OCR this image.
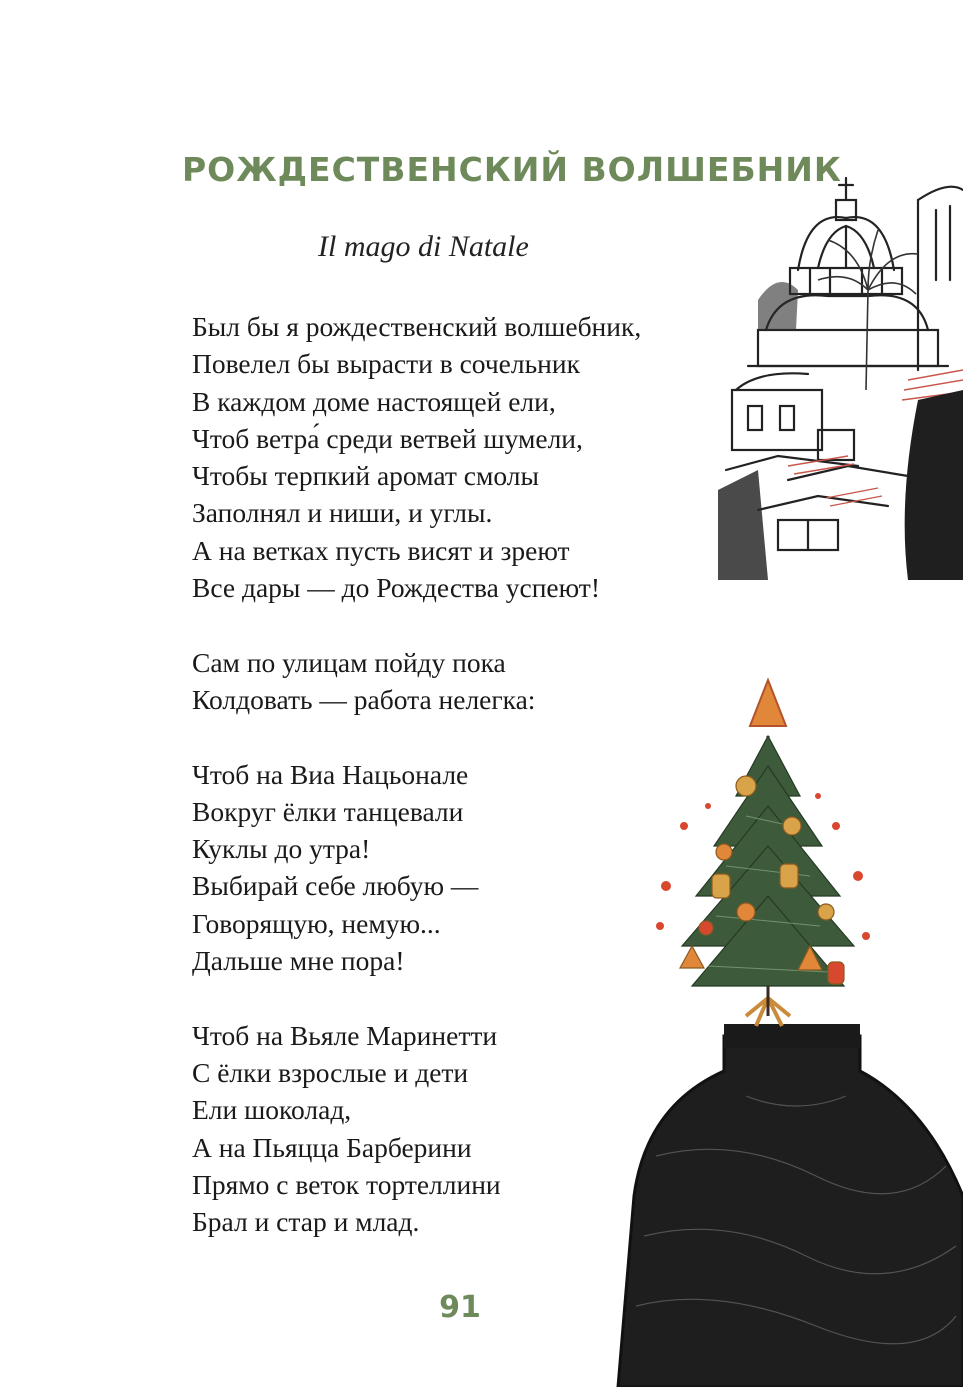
РОЖДЕСТВЕНСКИЙ ВОЛШЕБНИК
Il mago di Natale
Был бы я рождественский волшебник,
Повелел бы вырасти в сочельник
В каждом доме настоящей ели,
Чтоб ветра́ среди ветвей шумели,
Чтобы терпкий аромат смолы
Заполнял и ниши, и углы.
А на ветках пусть висят и зреют
Все дары — до Рождества успеют!
Сам по улицам пойду пока
Колдовать — работа нелегка:
Чтоб на Виа Нацьонале
Вокруг ёлки танцевали
Куклы до утра!
Выбирай себе любую —
Говорящую, немую...
Дальше мне пора!
Чтоб на Вьяле Маринетти
С ёлки взрослые и дети
Ели шоколад,
А на Пьяцца Барберини
Прямо с веток тортеллини
Брал и стар и млад.
91
